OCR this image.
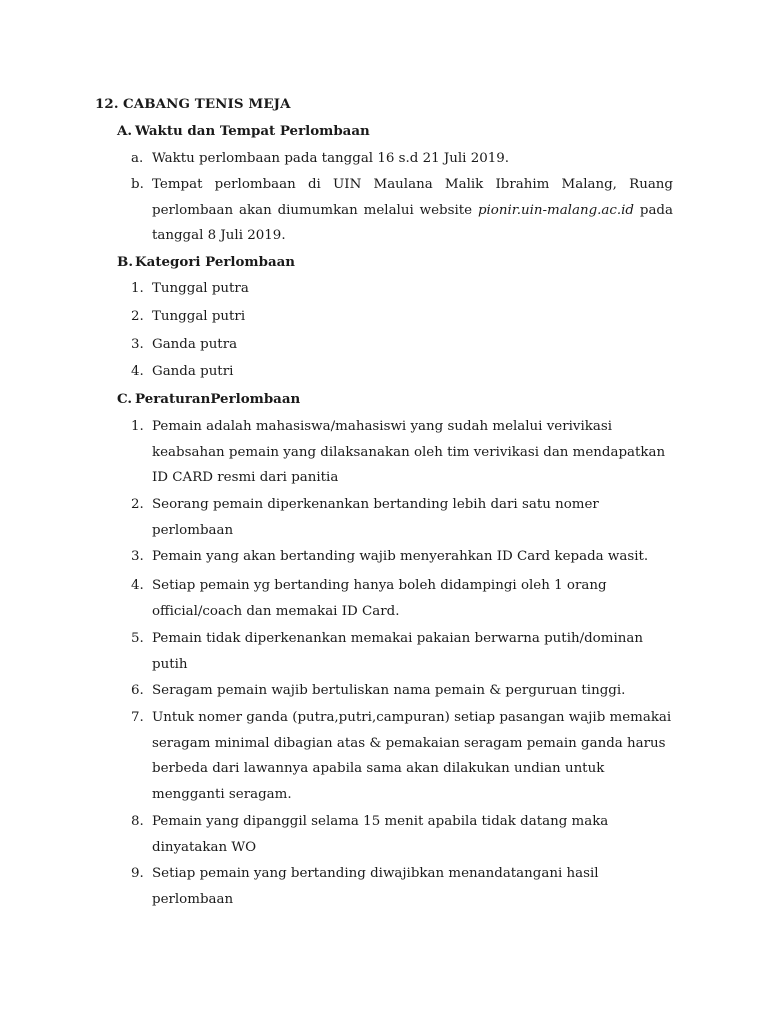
12. CABANG TENIS MEJA
A. Waktu dan Tempat Perlombaan
a. Waktu perlombaan pada tanggal 16 s.d 21 Juli 2019.
b. Tempat perlombaan di UIN Maulana Malik Ibrahim Malang, Ruang perlombaan akan diumumkan melalui website pionir.uin-malang.ac.id pada tanggal 8 Juli 2019.
B. Kategori Perlombaan
1. Tunggal putra
2. Tunggal putri
3. Ganda putra
4. Ganda putri
C. PeraturanPerlombaan
1. Pemain adalah mahasiswa/mahasiswi yang sudah melalui verivikasi
keabsahan pemain yang dilaksanakan oleh tim verivikasi dan mendapatkan
ID CARD resmi dari panitia
2. Seorang pemain diperkenankan bertanding lebih dari satu nomer
perlombaan
3. Pemain yang akan bertanding wajib menyerahkan ID Card kepada wasit.
4. Setiap pemain yg bertanding hanya boleh didampingi oleh 1 orang
official/coach dan memakai ID Card.
5. Pemain tidak diperkenankan memakai pakaian berwarna putih/dominan
putih
6. Seragam pemain wajib bertuliskan nama pemain & perguruan tinggi.
7. Untuk nomer ganda (putra,putri,campuran) setiap pasangan wajib memakai
seragam minimal dibagian atas & pemakaian seragam pemain ganda harus
berbeda dari lawannya apabila sama akan dilakukan undian untuk
mengganti seragam.
8. Pemain yang dipanggil selama 15 menit apabila tidak datang maka
dinyatakan WO
9. Setiap pemain yang bertanding diwajibkan menandatangani hasil
perlombaan
